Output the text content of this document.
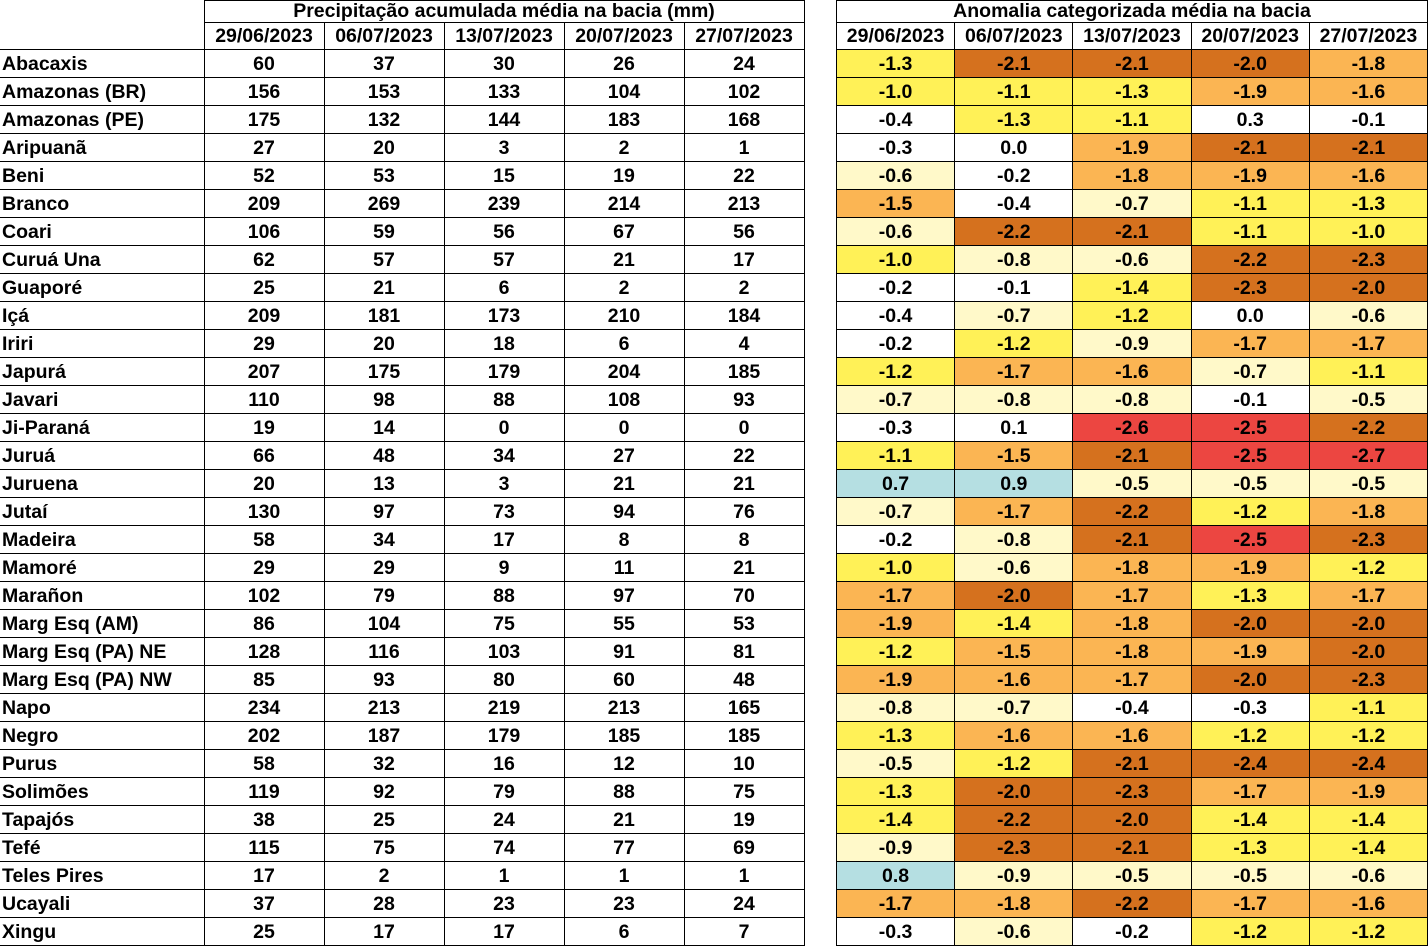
	Precipitação acumulada média na bacia (mm)				
	29/06/2023	06/07/2023	13/07/2023	20/07/2023	27/07/2023
Abacaxis	60	37	30	26	24
Amazonas (BR)	156	153	133	104	102
Amazonas (PE)	175	132	144	183	168
Aripuanã	27	20	3	2	1
Beni	52	53	15	19	22
Branco	209	269	239	214	213
Coari	106	59	56	67	56
Curuá Una	62	57	57	21	17
Guaporé	25	21	6	2	2
Içá	209	181	173	210	184
Iriri	29	20	18	6	4
Japurá	207	175	179	204	185
Javari	110	98	88	108	93
Ji-Paraná	19	14	0	0	0
Juruá	66	48	34	27	22
Juruena	20	13	3	21	21
Jutaí	130	97	73	94	76
Madeira	58	34	17	8	8
Mamoré	29	29	9	11	21
Marañon	102	79	88	97	70
Marg Esq (AM)	86	104	75	55	53
Marg Esq (PA) NE	128	116	103	91	81
Marg Esq (PA) NW	85	93	80	60	48
Napo	234	213	219	213	165
Negro	202	187	179	185	185
Purus	58	32	16	12	10
Solimões	119	92	79	88	75
Tapajós	38	25	24	21	19
Tefé	115	75	74	77	69
Teles Pires	17	2	1	1	1
Ucayali	37	28	23	23	24
Xingu	25	17	17	6	7
Anomalia categorizada média na bacia				
29/06/2023	06/07/2023	13/07/2023	20/07/2023	27/07/2023
-1.3	-2.1	-2.1	-2.0	-1.8
-1.0	-1.1	-1.3	-1.9	-1.6
-0.4	-1.3	-1.1	0.3	-0.1
-0.3	0.0	-1.9	-2.1	-2.1
-0.6	-0.2	-1.8	-1.9	-1.6
-1.5	-0.4	-0.7	-1.1	-1.3
-0.6	-2.2	-2.1	-1.1	-1.0
-1.0	-0.8	-0.6	-2.2	-2.3
-0.2	-0.1	-1.4	-2.3	-2.0
-0.4	-0.7	-1.2	0.0	-0.6
-0.2	-1.2	-0.9	-1.7	-1.7
-1.2	-1.7	-1.6	-0.7	-1.1
-0.7	-0.8	-0.8	-0.1	-0.5
-0.3	0.1	-2.6	-2.5	-2.2
-1.1	-1.5	-2.1	-2.5	-2.7
0.7	0.9	-0.5	-0.5	-0.5
-0.7	-1.7	-2.2	-1.2	-1.8
-0.2	-0.8	-2.1	-2.5	-2.3
-1.0	-0.6	-1.8	-1.9	-1.2
-1.7	-2.0	-1.7	-1.3	-1.7
-1.9	-1.4	-1.8	-2.0	-2.0
-1.2	-1.5	-1.8	-1.9	-2.0
-1.9	-1.6	-1.7	-2.0	-2.3
-0.8	-0.7	-0.4	-0.3	-1.1
-1.3	-1.6	-1.6	-1.2	-1.2
-0.5	-1.2	-2.1	-2.4	-2.4
-1.3	-2.0	-2.3	-1.7	-1.9
-1.4	-2.2	-2.0	-1.4	-1.4
-0.9	-2.3	-2.1	-1.3	-1.4
0.8	-0.9	-0.5	-0.5	-0.6
-1.7	-1.8	-2.2	-1.7	-1.6
-0.3	-0.6	-0.2	-1.2	-1.2
